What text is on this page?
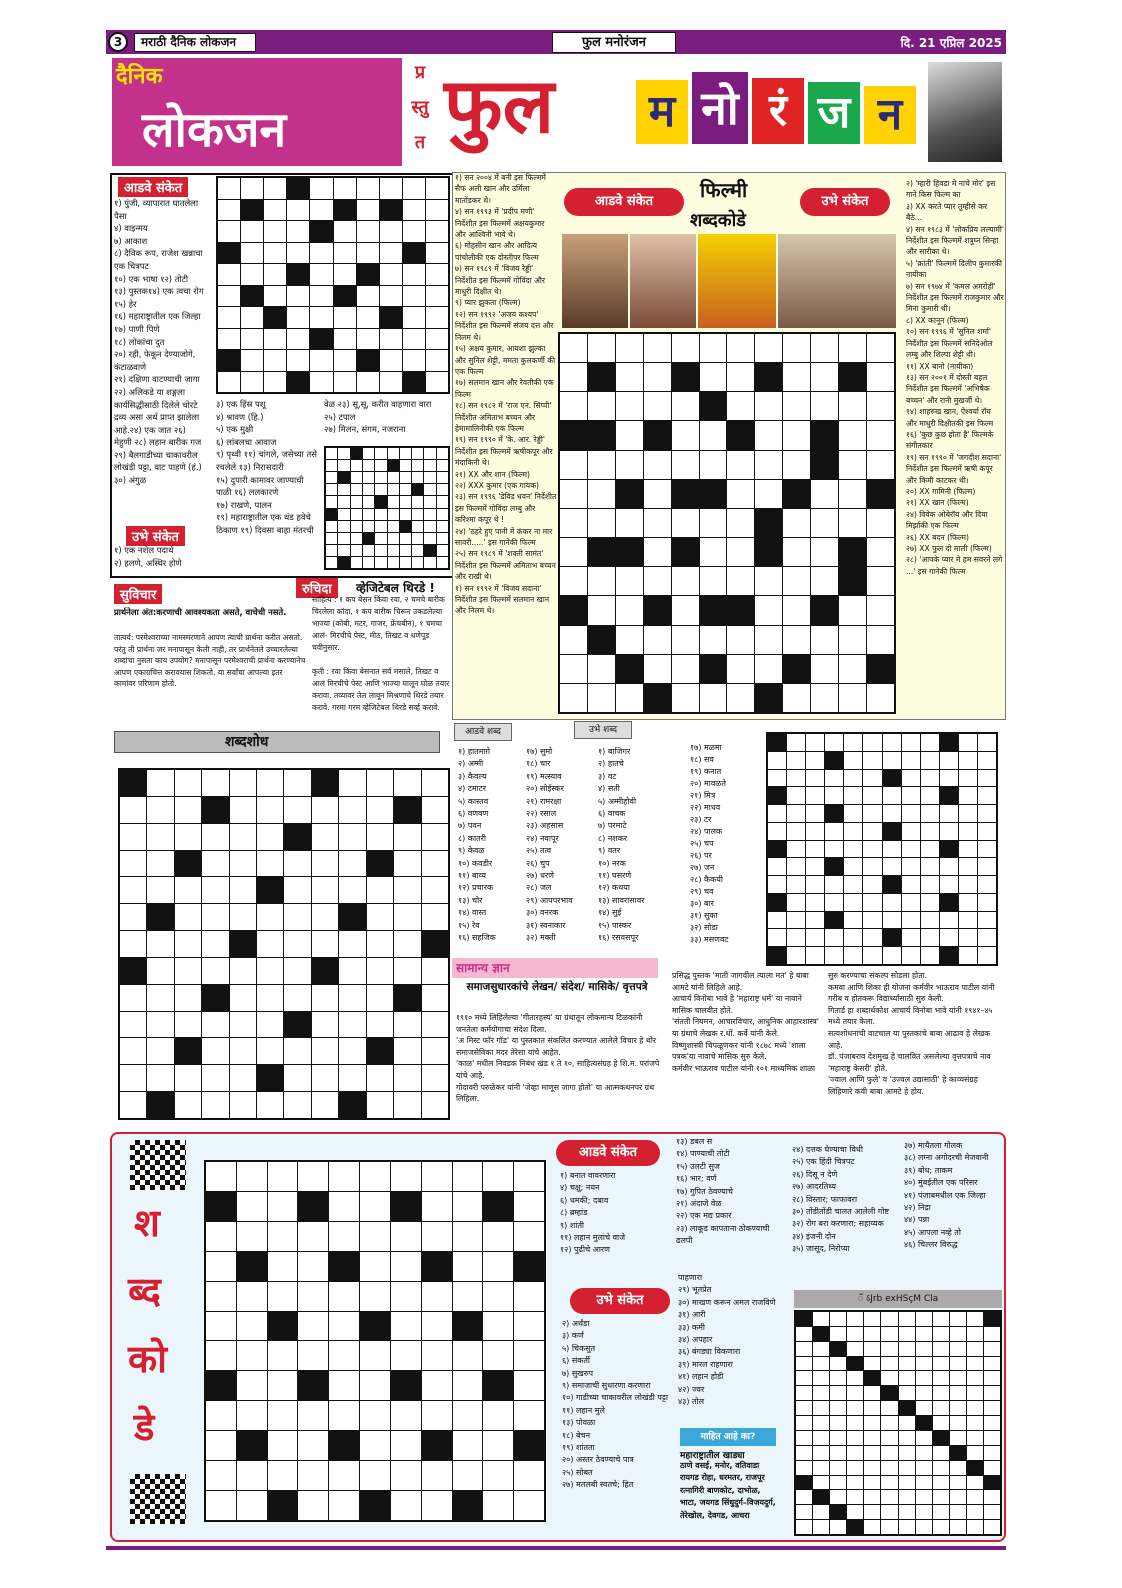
3	मराठी दैनिक लोकजन	फुल मनोरंजन	दि. 21 एप्रिल 2025
दैनिक
लोकजन
प्र
स्तु
त फुल म नो रं ज न
आडवे संकेत
१) पुंजी, व्यापारात घातलेला पैसा
४) वाइन्मय
७) आकाश
८) दैविक रूप, राजेश खन्नाचा एक चित्रपट
१०) एक भाषा १२) तोटी
१३) पुस्तक१४) एक त्वचा रोग १५) हेर
१६) महाराष्ट्रातील एक जिल्हा
१७) पाणी पिणे
१८) लोकांचा दुत
२०) रही, फेकून देण्याजोगे, कंटाळवाणे
२१) दक्षिणा वाटण्याची जागा
२२) अलिकडे या शङ्गला कार्यसिद्धीसाठी दिलेले चोरटे द्रव्य असा अर्थ प्राप्त झालेला आहे.२४) एक जात २६)
मेहुणी २८) लहान बारीक गज
२९) बैलगाडीच्या चाकावरील लोखंडी पट्टा, वाट पाहणे (हं.)
३०) अंगुळ
३) एक हिंस्र पशू
४) श्रावण (हि.)
५) एक मुक्षी
६) लांबलचा आवाज
९) पृथ्वी ११) चांगले, जसेच्या तसे रचलेले १३) निरासदारी
१५) दुपारी कामावर जाण्याची पाळी १६) ललकारणे
१७) राखणे, पालन
१९) महाराष्ट्रातील एक थंड हवेचे ठिकाण १९) दिवसा बाहा मंतरची
वेळ २३) सू,सू, करीत वाहणारा वारा
२५) टपाल
२७) मिलन, संगम, नजराना
उभे संकेत
१) एक नशेल पदार्थ
२) हलणे, अस्थिर होणे
सुविचार
प्रार्थनेला अंत:करणाची आवश्यकता असते, वाचेची नसते.
तात्पर्य: परमेश्वराच्या नामस्मरणाने आपण त्याची प्रार्थना करीत असतो. परंतु ती प्रार्थना जर मनापासून केली नाही, तर प्रार्थनेतले उच्चारलेल्या शब्दांचा नुसता काय उपयोग? मनापासून परमेश्वराची प्रार्थना करण्यानेच आपण एकाग्रचित्त करावयास शिकतो. या सर्वांचा आपल्या इतर कामांवर परिणाम होतो.
रुचिदा	व्हेजिटेबल थिरडे !
साहित्य : १ कप बेसन किंवा रवा, २ चमचे बारीक चिरलेला कांदा, १ कप बारीक चिरून उकडलेल्या भाज्या (कोबी, मटर, गाजर, फ्रेंचबीन), १ चमचा आलं- मिरचीचे पेस्ट, मीठ, तिखट व धणेपूड चवीनुसार.
कृती : रवा किंवा बेसनात सर्व मसाले, तिखट व आलं मिरचीचे पेस्ट आणि भाज्या घालून घोळ तयार करावा. तव्यावर तेल लावून मिश्रणाचे थिरडे तयार करावे. गरमा गरम व्हेजिटेबल थिरडे सर्व्ह करावे.
१) सन २००४ में बनी इस फिल्ममें सैफ अली खान और उर्मिला मातोंडकर थे।
४) सन १९९३ में 'प्रदीप मणी' निर्देशीत इस फिल्ममें अक्षयकुमार और आश्विनी भावे थे।
६) मोहसीन खान और आदित्य पांचोलीकी एक दोस्तीपर फिल्म
७) सन १९८९ में 'विजय रेड्डी' निर्देशीत इस फिल्ममें गोविंदा और माधुरी दिक्षीत थे।
९) प्यार झुकता (फिल्म)
१२) सन १९९२ 'अजय कश्यप' निर्देशीत इस फिल्ममें संजय दत्त और निलम थे।
१५) अक्षय कुमार, आयशा झुल्का और सुनिल शेट्टी, ममता कुलकर्णी की एक फिल्म
१७) सलमान खान और रेवतीकी एक फिल्म
१८) सन १९८२ में 'राज एन. सिप्पी' निर्देशीत अमिताभ बच्चन और हेमामालिनीकी एक फिल्म
१९) सन १९९० में 'के. आर. रेड्डी' निर्देशीत इस फिल्ममें ऋषीकपूर और मंदाकिनी थे।
२१) XX और शान (फिल्म)
२२) XXX कुमार (एक गायक)
२३) सन १९९६ 'डेविड धवन' निर्देशीत इस फिल्ममें गोविंदा लम्बु और करिश्मा कपूर थे !
२४) 'ठहरे हुए पानी में कंकर ना मार सावरी.....' इस गानेकी फिल्म
२५) सन १९८९ में 'शक्ती सामंत' निर्देशीत इस फिल्ममें अमिताभ बच्चन और राखी थे।
१) सन १९९२ में 'विजय सदाना' निर्देशीत इस फिल्ममें सलमान खान और निलम थे।
आडवे संकेत	फिल्मी
शब्दकोडे
उभे संकेत
२) 'म्हारी हिवडा मे नाचे मोर' इस गाने किस फिल्म का
३) XX करते प्यार तुम्हीसे कर बैठे...
४) सन १९८३ में 'लोकप्रिय लल्यामी' निर्देशीत इस फिल्ममें शत्रुघ्न सिन्हा और सारीका थे।
५) 'क्रांती' फिल्ममें दिलीप कुमारकी नायीका
७) सन १९७४ में 'कमल अमरोही' निर्देशीत इस फिल्ममें राजकुमार और मिना कुमारी थी।
८) XX कानून (फिल्म)
१०) सन १९९६ में 'सुनिल शर्मा' निर्देशीत इस फिल्ममें सनिदेओल लम्बु और शिल्पा शेट्टी थी।
११) XX बानो (नायीका)
१३) सन २००१ में दोस्ती बहल निर्देशीत इस फिल्ममें 'अभिषेक बच्चन' और रानी मुखर्जी थे।
१४) शाहरुख खान, ऐश्वर्या रॉय और माधुरी दिक्षीतकी इस फिल्म
१६) 'कुछ कुछ होता है' फिल्मके संगीतकार
१९) सन १९९० में 'जगदीश सदाना' निर्देशीत इस फिल्ममें ऋषी कपूर और किमी काटकर थी।
२०) XX गामिनी (फिल्म)
२१) XX खान (फिल्म)
२४) विवेक ओबेरॉय और दिया मिर्झाकी एक फिल्म
२६) XX बदन (फिल्म)
२७) XX फुल दो माली (फिल्म)
२८) 'आपके प्यार मे हम सवरने लगे ...' इस गानेकी फिल्म
शब्दशोध
आडवे शब्द	उभे शब्द
१) हातमाग़े
२) अम्मी
३) कैवल्य
४) टमाटर
५) कास्तव
६) वणवण
७) पवन
८) कातरी
९) केवळ
१०) कवडीर
११) बाव्य
१२) प्रचारक
१३) चोर
१४) वास्त
१५) रेव
१६) सहजिक
१७) सुमो
१८) चार
१९) मत्स्याव
२०) सोईस्कर
२१) रामरक्षा
२२) रसाल
२३) अहसास
२४) नवापूर
२५) तत्व
२६) चुप
२७) धरणे
२८) जल
२९) आपपरभाव
३०) वनरक
३१) स्वनाकार
३२) मक्ती
१) बाजिगर
२) हातचे
३) वट
४) सती
५) अम्मीहोवी
६) वाचक
७) परमाटे
८) नशकर
९) वतर
१०) नरक
११) घसरणे
१२) कथया
१३) सावरासावर
१४) सुई
१५) पास्कर
१६) रसवसपूर
१७) मळमा
१८) सव
१९) कनात
२०) मावळते
२१) मित्र
२२) माधव
२३) टर
२४) पालक
२५) चप
२६) पर
२७) जन
२८) कैकयी
२९) चव
३०) बार
३१) सुका
३२) सोडा
३३) मसणवट
सामान्य ज्ञान
समाजसुधारकांचे लेखन/ संदेश/ मासिके/ वृत्तपत्रे
१९१० मध्ये लिहिलेल्या 'गीतारहस्य' या ग्रंथातून लोकमान्य टिळकांनी जनतेला कर्मयोगाचा संदेश दिला.
'अ मिस्ट फॉर गॉड' या पुस्तकात संकलित करण्यात आलेले विचार हे थोर समाजसेविका मदर तेरेसा यांचे आहेत.
'काळ' मधील निवडक निबंध खंड १ ते १०, साहित्यसंग्रह हे शि.म. परांजपे यांचे आहे.
गोदावरी परुळेकर यांनी 'जेव्हा माणूस जागा होतो' या आत्मकथनपर ग्रंथ लिहिला.
प्रसिद्ध पुस्तक 'माती जागवील त्याला मत' हे बाबा आमटे यांनी लिहिले आहे.
आचार्य विनोबा भावे हे 'महाराष्ट्र धर्म' या नावाने मासिक चालवीत होते.
'संतती नियमन, आचारविचार, आधुनिक आहारशास्त्र' या ग्रंथाचे लेखक र.धों. कर्वे यांनी केले.
विष्णुशास्त्री चिपळूणकर यांनी १८७८ मध्ये 'शाला पत्रक'या नावाचे मासिक सुरु केले.
कर्मवीर भाऊराव पाटील यांनी १०१ माध्यमिक शाळा
सुरु करण्याचा संकल्प सोडला होता.
कमवा आणि शिका ही योजना कर्मवीर भाऊराव पाटील यांनी गरीब व होतकरू विद्यार्थ्यांसाठी सुरु केली.
गितार्ड हा शब्दार्थकोश आचार्य विनोबा भावे यांनी १९४१–४५ मध्ये तयार केला.
सत्यशोधनाची वाटचाल या पुस्तकाचे बाबा आढाव हे लेखक आहे.
डॉ. पंजाबराव देशमुख हे चालवित असलेल्या वृत्तपत्राचे नाव 'महाराष्ट्र केसरी' होते.
'ज्वाल आणि फुले' व 'उज्वल उद्यासाठी' हे काव्यसंग्रह लिहिणारे कवी बाबा आमटे हे होय.
श
ब्द
को
डे
आडवे संकेत
१) बनात वावरणारा
४) चक्षु; नयन
६) धमकी; दबाव
८) ब्रम्हांड
९) शांती
११) लहान मुलांचे वाजे
१२) पुढीचे आरण
१३) डबल स
१४) पाण्याची तोटी
१५) उलटी सुज
१६) भार; वर्ण
१७) गुपित ठेवण्याचे
२१) अंदाजे वेळ
२२) एक मद्य प्रकार
२३) लाकूड कापताना ठोकण्याची ढलपी
२४) दत्तक घेण्याचा विधी
२५) एक हिंदी चित्रपट
२६) दिसू न देणे
२७) आदरतिथ्य
२८) विस्तार; फाफावरा
३०) तोंडीतोंडी चालत आलेली गोष्ट
३२) रोग बरा करणारा; सहाय्यक
३४) इंजनी दोन
३५) जासूद, निरोप्या
३७) मायैतला गोलक
३८) लग्ना अगोदरची मेजवानी
३९) बोध; ताकम
४०) मुंबईतील एक परिसर
४१) पंजाबमधील एक जिल्हा
४२) निद्रा
४४) पन्ना
४५) आपला नव्हे तो
४६) चिल्लर विरुद्ध
उभे संकेत
२) अर्थंडा
३) कर्ण
५) चिकसुत
६) संकर्ती
७) सुखरुप
९) समाजाची सुधारणा करणारा
१०) गाडीच्या चाकावरील लोखंडी पट्टा
११) लहान मुले
१३) पोवळा
१८) बेचन
१९) शांतता
२०) अस्तर ठेवण्याचे पात्र
२५) सोबत
२७) मतलबी स्वतचे; हित
पाहणारा
२९) भूतप्रेत
३०) माखण करून अमल राजविणे
३१) आरी
३३) कमी
३४) अपहार
३६) बंगड्या विकणारा
३९) मारल राहणारा
४१) लहान होडी
४२) ज्वर
४३) तोल
माहित आहे का?
महाराष्ट्रातील खाड्या
ठाणे वसई, मनोर, वतिवाडा
रायगड रोहा, धरमतर, राजपूर
रत्नागिरी बाणकोट, दाभोळ,
भाटा, जयगड सिंधुदुर्ग–विजयदुर्ग,
तेरेखोल, देवगड, आचरा
ॅ ऽJrb exHSçM Cla
